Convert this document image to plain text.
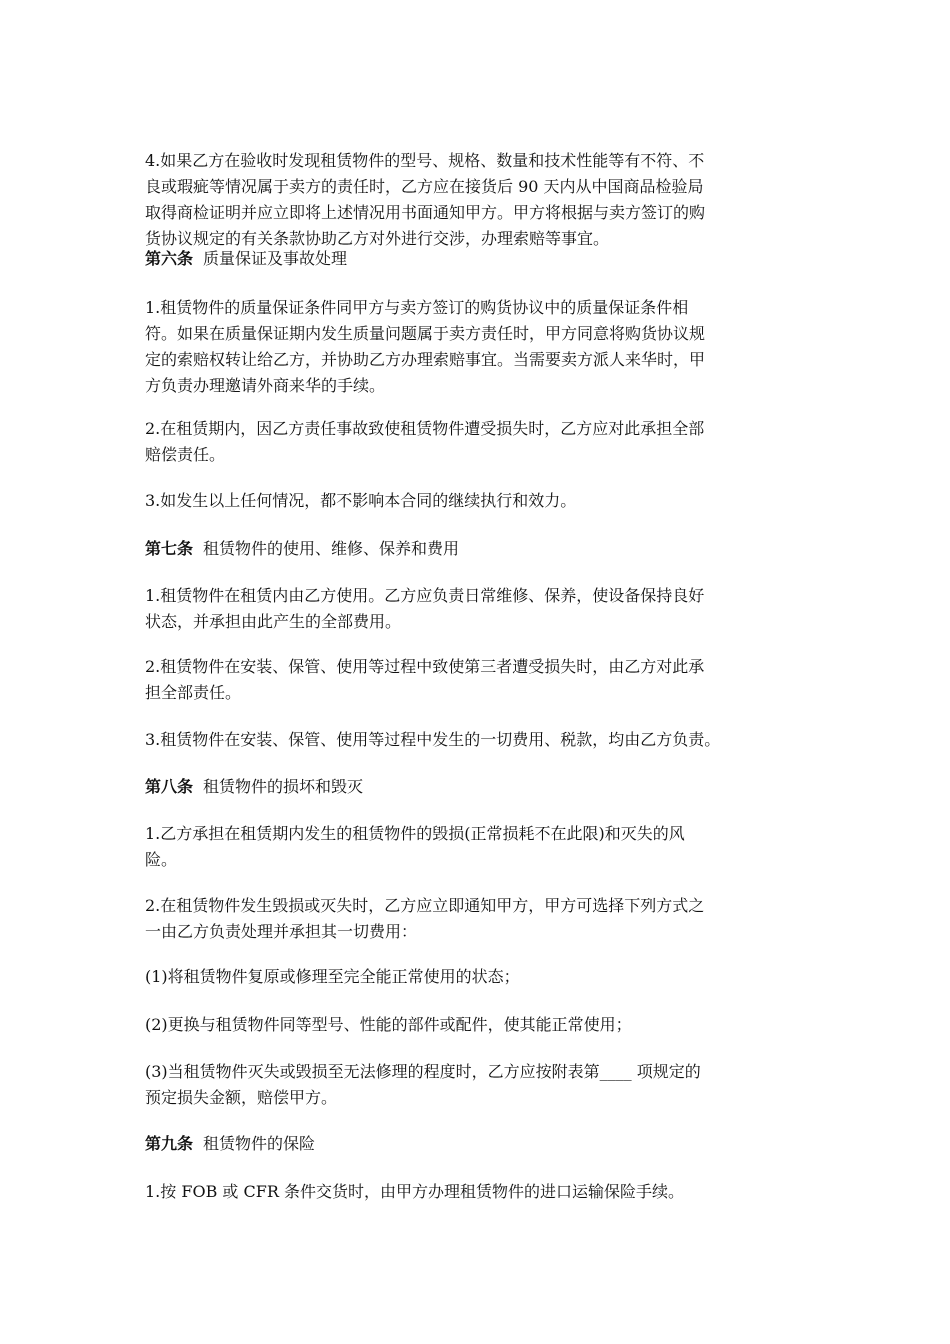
4.如果乙方在验收时发现租赁物件的型号、规格、数量和技术性能等有不符、不
良或瑕疵等情况属于卖方的责任时，乙方应在接货后 90 天内从中国商品检验局
取得商检证明并应立即将上述情况用书面通知甲方。甲方将根据与卖方签订的购
货协议规定的有关条款协助乙方对外进行交涉，办理索赔等事宜。
第六条 质量保证及事故处理
1.租赁物件的质量保证条件同甲方与卖方签订的购货协议中的质量保证条件相
符。如果在质量保证期内发生质量问题属于卖方责任时，甲方同意将购货协议规
定的索赔权转让给乙方，并协助乙方办理索赔事宜。当需要卖方派人来华时，甲
方负责办理邀请外商来华的手续。
2.在租赁期内，因乙方责任事故致使租赁物件遭受损失时，乙方应对此承担全部
赔偿责任。
3.如发生以上任何情况，都不影响本合同的继续执行和效力。
第七条 租赁物件的使用、维修、保养和费用
1.租赁物件在租赁内由乙方使用。乙方应负责日常维修、保养，使设备保持良好
状态，并承担由此产生的全部费用。
2.租赁物件在安装、保管、使用等过程中致使第三者遭受损失时，由乙方对此承
担全部责任。
3.租赁物件在安装、保管、使用等过程中发生的一切费用、税款，均由乙方负责。
第八条 租赁物件的损坏和毁灭
1.乙方承担在租赁期内发生的租赁物件的毁损(正常损耗不在此限)和灭失的风
险。
2.在租赁物件发生毁损或灭失时，乙方应立即通知甲方，甲方可选择下列方式之
一由乙方负责处理并承担其一切费用：
(1)将租赁物件复原或修理至完全能正常使用的状态；
(2)更换与租赁物件同等型号、性能的部件或配件，使其能正常使用；
(3)当租赁物件灭失或毁损至无法修理的程度时，乙方应按附表第____ 项规定的
预定损失金额，赔偿甲方。
第九条 租赁物件的保险
1.按 FOB 或 CFR 条件交货时，由甲方办理租赁物件的进口运输保险手续。
